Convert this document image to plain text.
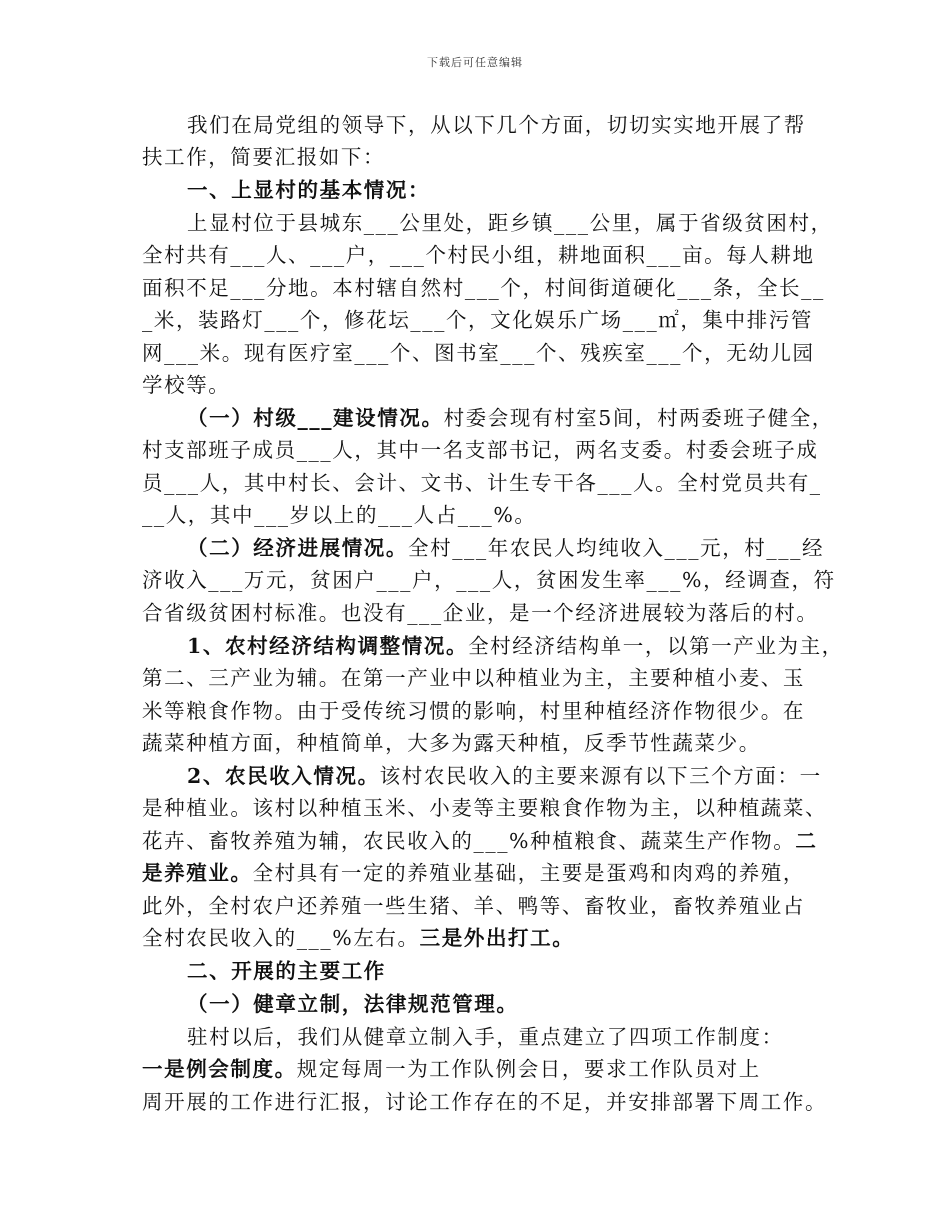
下载后可任意编辑
我们在局党组的领导下，从以下几个方面，切切实实地开展了帮
扶工作，简要汇报如下：
一、上显村的基本情况：
上显村位于县城东___公里处，距乡镇___公里，属于省级贫困村，
全村共有___人、___户，___个村民小组，耕地面积___亩。每人耕地
面积不足___分地。本村辖自然村___个，村间街道硬化___条，全长__
_米，装路灯___个，修花坛___个，文化娱乐广场___㎡，集中排污管
网___米。现有医疗室___个、图书室___个、残疾室___个，无幼儿园
学校等。
（一）村级___建设情况。村委会现有村室5间，村两委班子健全，
村支部班子成员___人，其中一名支部书记，两名支委。村委会班子成
员___人，其中村长、会计、文书、计生专干各___人。全村党员共有_
__人，其中___岁以上的___人占___%。
（二）经济进展情况。全村___年农民人均纯收入___元，村___经
济收入___万元，贫困户___户，___人，贫困发生率___%，经调查，符
合省级贫困村标准。也没有___企业，是一个经济进展较为落后的村。
1、农村经济结构调整情况。全村经济结构单一，以第一产业为主，
第二、三产业为辅。在第一产业中以种植业为主，主要种植小麦、玉
米等粮食作物。由于受传统习惯的影响，村里种植经济作物很少。在
蔬菜种植方面，种植简单，大多为露天种植，反季节性蔬菜少。
2、农民收入情况。该村农民收入的主要来源有以下三个方面：一
是种植业。该村以种植玉米、小麦等主要粮食作物为主，以种植蔬菜、
花卉、畜牧养殖为辅，农民收入的___%种植粮食、蔬菜生产作物。二
是养殖业。全村具有一定的养殖业基础，主要是蛋鸡和肉鸡的养殖，
此外，全村农户还养殖一些生猪、羊、鸭等、畜牧业，畜牧养殖业占
全村农民收入的___%左右。三是外出打工。
二、开展的主要工作
（一）健章立制，法律规范管理。
驻村以后，我们从健章立制入手，重点建立了四项工作制度：
一是例会制度。规定每周一为工作队例会日，要求工作队员对上
周开展的工作进行汇报，讨论工作存在的不足，并安排部署下周工作。
